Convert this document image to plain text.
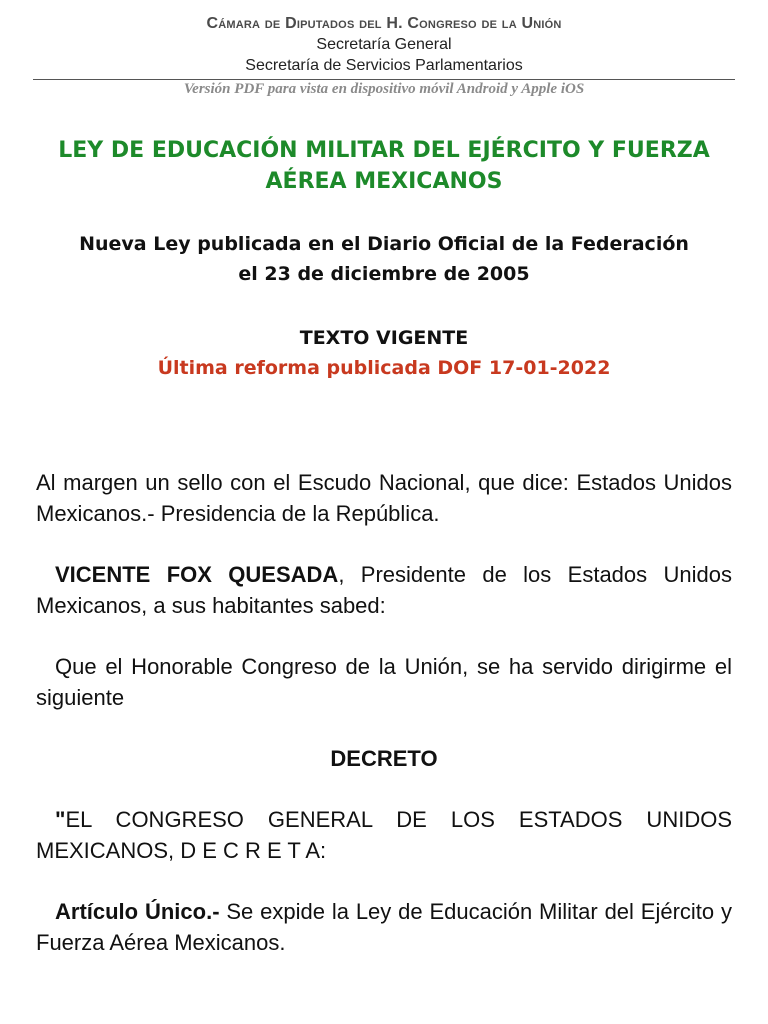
Cámara de Diputados del H. Congreso de la Unión
Secretaría General
Secretaría de Servicios Parlamentarios
Versión PDF para vista en dispositivo móvil Android y Apple iOS
LEY DE EDUCACIÓN MILITAR DEL EJÉRCITO Y FUERZA AÉREA MEXICANOS
Nueva Ley publicada en el Diario Oficial de la Federación el 23 de diciembre de 2005
TEXTO VIGENTE
Última reforma publicada DOF 17-01-2022
Al margen un sello con el Escudo Nacional, que dice: Estados Unidos Mexicanos.- Presidencia de la República.
VICENTE FOX QUESADA, Presidente de los Estados Unidos Mexicanos, a sus habitantes sabed:
Que el Honorable Congreso de la Unión, se ha servido dirigirme el siguiente
DECRETO
"EL CONGRESO GENERAL DE LOS ESTADOS UNIDOS MEXICANOS, D E C R E T A:
Artículo Único.- Se expide la Ley de Educación Militar del Ejército y Fuerza Aérea Mexicanos.
